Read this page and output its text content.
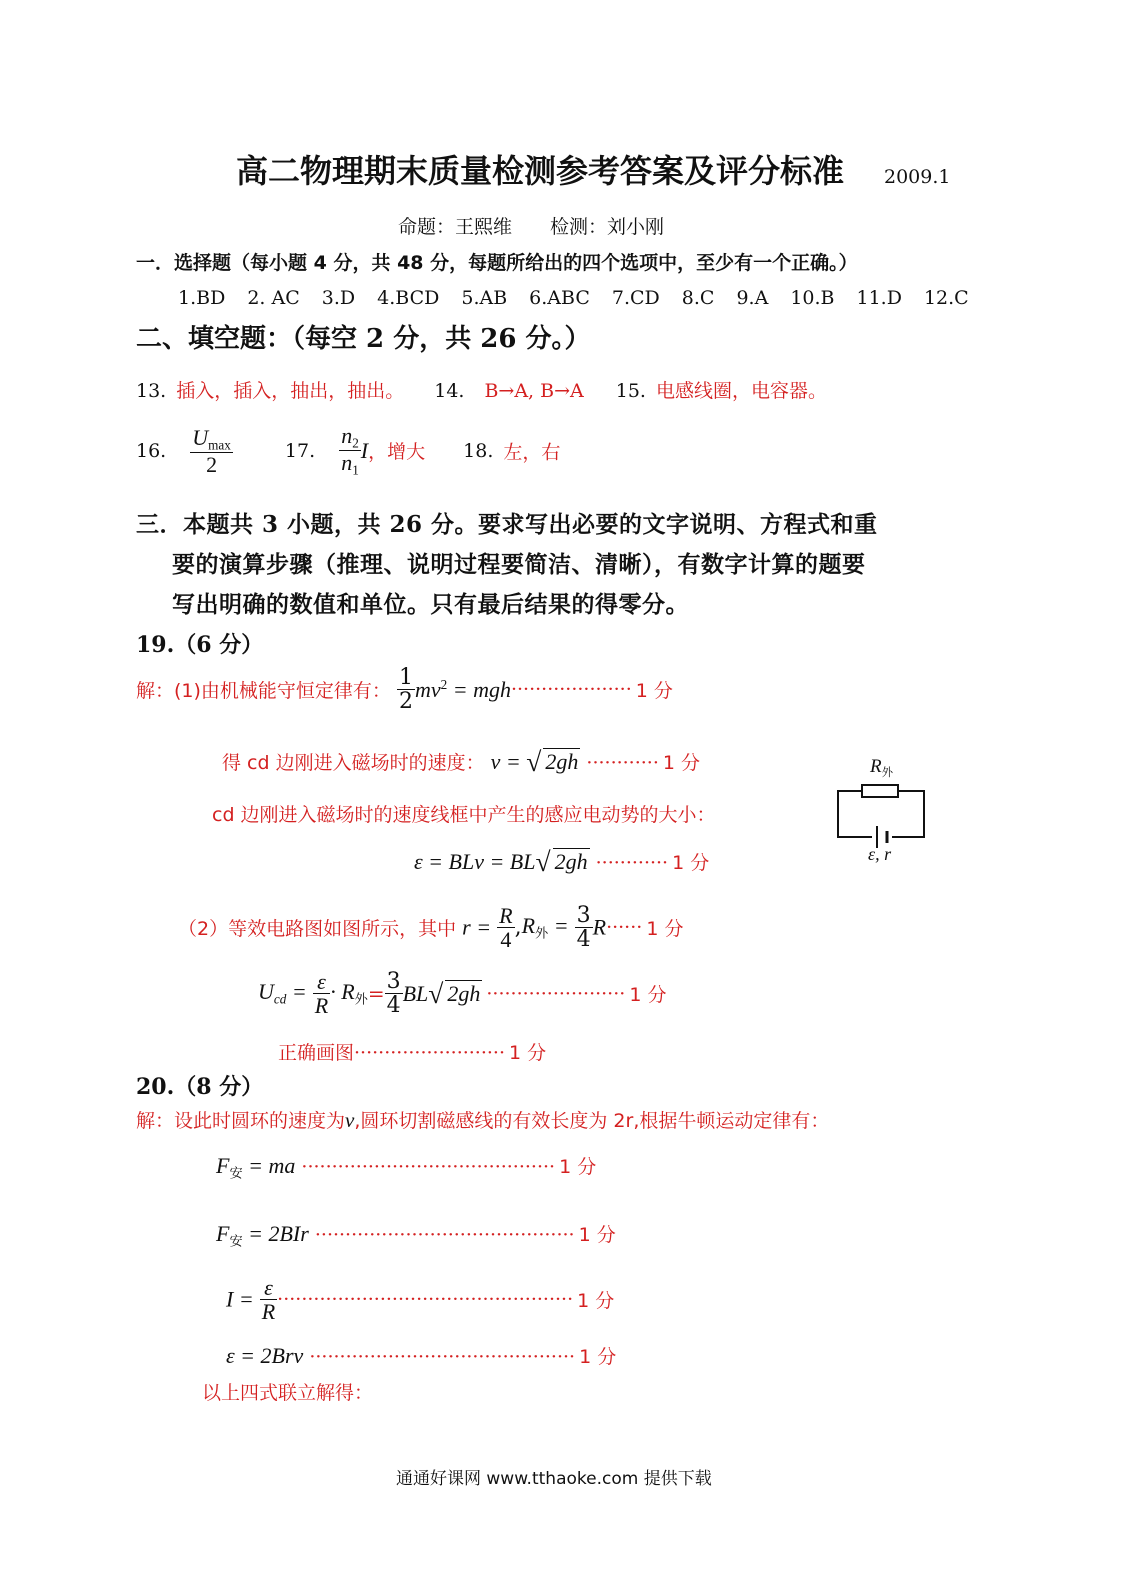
高二物理期末质量检测参考答案及评分标准 2009.1
命题：王熙维　　检测：刘小刚
一．选择题（每小题 4 分，共 48 分，每题所给出的四个选项中，至少有一个正确。）
1.BD 2. AC 3.D 4.BCD 5.AB 6.ABC 7.CD 8.C 9.A 10.B 11.D 12.C
二、填空题：（每空 2 分，共 26 分。）
13. 插入，插入，抽出，抽出。 14. B→A, B→A 15. 电感线圈，电容器。
16. $\frac{U_{max}}{2}$	17. $\frac{n_2}{n_1}$ I，增大 18. 左，右
三．本题共 3 小题，共 26 分。要求写出必要的文字说明、方程式和重
要的演算步骤（推理、说明过程要简洁、清晰），有数字计算的题要
写出明确的数值和单位。只有最后结果的得零分。
19.（6 分）
解：(1)由机械能守恒定律有： $\frac{1}{2} mv^2 = mgh\cdot\cdot\cdot\cdot\cdot\cdot\cdot\cdot\cdot\cdot\cdot\cdot\cdot\cdot\cdot\cdot\cdot\cdot\cdot\cdot 1$ 分
得 cd 边刚进入磁场时的速度： v = √ 2gh ············ 1 分
cd 边刚进入磁场时的速度线框中产生的感应电动势的大小：
ε = BLv = BL√ 2gh ············ 1 分
$R_外$
ε, r
（2）等效电路图如图所示，其中 $r = \frac{R}{4} ,R_外 = \frac{3}{4} R\cdot\cdot\cdot\cdot\cdot\cdot 1$ 分
$U_{cd} = \frac{\varepsilon}{R} \cdot R_外= \frac{3}{4} BL√$ 2gh ······················· 1 分
正确画图························· 1 分
20.（8 分）
解：设此时圆环的速度为v,圆环切割磁感线的有效长度为 2r,根据牛顿运动定律有：
$F_安$ = ma ·········································· 1 分
$F_安 = 2BIr$ ··········································· 1 分
$I = \frac{\varepsilon}{R}$ ················································· 1 分
ε = 2Brv ············································ 1 分
以上四式联立解得：
通通好课网 www.tthaoke.com 提供下载
